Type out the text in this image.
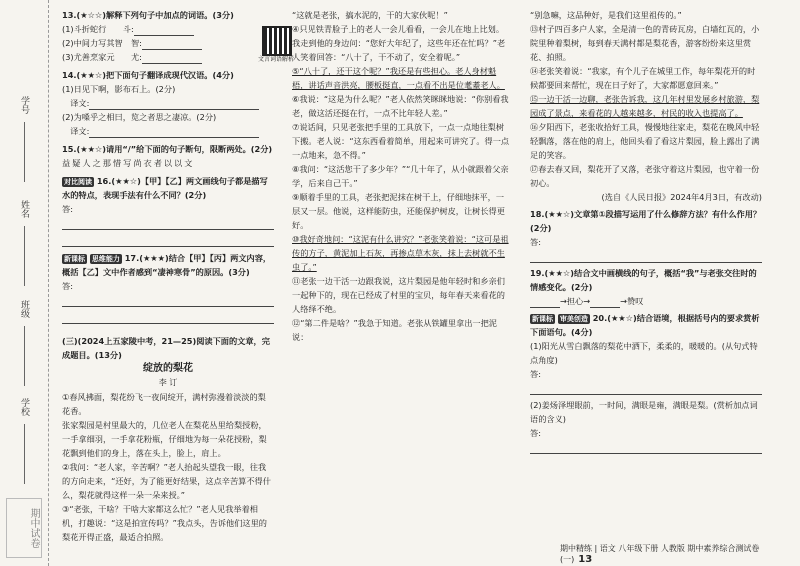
学号
姓名
班级
学校
期中试卷
文言词语解析

13.(★☆☆)解释下列句子中加点的词语。(3分)

(1)斗折蛇行　　 斗:

(2)中间力写其智　 智:

(3)尤善烹家元　　 尤:

14.(★★☆)把下面句子翻译成现代汉语。(4分)

(1)日见下啊，影布石上。(2分)

　译文:

(2)为嗓乎之相曰，览之者思之凄凉。(2分)

　译文:

15.(★★☆)请用“/”给下面的句子断句，限断两处。(2分)

益疑人之那惜写尚衣者以以文

对比阅读 16.(★★☆)【甲】【乙】两文画线句子都是描写水的特点，表现手法有什么不同？(2分)

答:

新课标 思维能力 17.(★★★)结合【甲】【丙】两文内容，概括【乙】文中作者感到“凄神寒骨”的原因。(3分)

答:

(三)(2024上五家陵中考，21—25)阅读下面的文章，完成题目。(13分)

绽放的梨花

李 订

①春风拂面，梨花纷飞一夜间绽开，满村弥漫着淡淡的梨花香。

张家梨园是村里最大的，几位老人在梨花丛里给梨授粉，一手拿细羽，一手拿花粉瓶，仔细地为每一朵花授粉，梨花飘到他们的身上，落在头上，脸上，肩上。

②我问：“老人家，辛苦啊？”老人抬起头望我一眼，往我的方向走来，“还好，为了能更好结果，这点辛苦算不得什么，梨花就得这样一朵一朵来授。”

③“老张，干啥？干啥大家都这么忙？”老人见我举着相机，打趣说：“这是拍宣传吗？”我点头，告诉他们这里的梨花开得正盛，最适合拍照。

“这就是老张，搞水泥的，干的大家伙呢！”

④只见铁青脸子上的老人一会儿看看，一会儿在地上比划。我走到他的身边问：“您好大年纪了，这些年还在忙吗？”老人笑着回答：“八十了，干不动了，安全着呢。”

⑤“八十了，还干这个呢？”我还是有些担心。老人身材魁梧，讲话声音洪亮，腰板挺直，一点看不出是位耄耋老人。

⑥我说：“这是为什么呢？”老人依然笑眯眯地说：“你别看我老，做这活还挺在行，一点不比年轻人差。”

⑦说话间，只见老张把手里的工具放下，一点一点地往梨树下搬。老人说：“这东西看着简单，用起来可讲究了。得一点一点地来，急不得。”

⑧我问：“这活您干了多少年？”“几十年了，从小就跟着父亲学，后来自己干。”

⑨顺着手里的工具，老张把泥抹在树干上，仔细地抹平，一层又一层。他说，这样能防虫，还能保护树皮，让树长得更好。

⑩我好奇地问：“这泥有什么讲究？”老张笑着说：“这可是祖传的方子，黄泥加上石灰，再掺点草木灰，抹上去树就不生虫了。”

⑪老张一边干活一边跟我说，这片梨园是他年轻时和乡亲们一起种下的，现在已经成了村里的宝贝，每年春天来看花的人络绎不绝。

⑫“第二件是啥？”我急于知道。老张从铁罐里拿出一把泥说：

“别急嘛，这品种好，是我们这里祖传的。”

⑬村子四百多户人家，全是清一色的青砖瓦房，白墙红瓦的，小院里种着梨树，每到春天满村都是梨花香，游客纷纷来这里赏花、拍照。

⑭老张笑着说：“我家，有个儿子在城里工作，每年梨花开的时候都要回来帮忙，现在日子好了，大家都愿意回来。”

⑮一边干活一边聊，老张告诉我，这几年村里发展乡村旅游，梨园成了景点，来看花的人越来越多，村民的收入也提高了。

⑯夕阳西下，老张收拾好工具，慢慢地往家走，梨花在晚风中轻轻飘落，落在他的肩上，他回头看了看这片梨园，脸上露出了满足的笑容。

⑰春去春又回，梨花开了又落，老张守着这片梨园，也守着一份初心。

(选自《人民日报》2024年4月3日，有改动)

18.(★★☆)文章第①段描写运用了什么修辞方法？有什么作用？(2分)

答:

19.(★★☆)结合文中画横线的句子，概括“我”与老张交往时的情感变化。(2分)

→担心→	→赞叹

新课标 审美创造 20.(★★☆)结合语境，根据括号内的要求赏析下面语句。(4分)

(1)阳光从雪白飘落的梨花中洒下，柔柔的，暖暖的。(从句式特点角度)

答:

(2)姜炀泽埋眼前，一时间，满眼是雍，满眼是梨。(赏析加点词语的含义)

答:

期中精练 | 语文 八年级下册 人教版 期中素养综合测试卷(一) 13
